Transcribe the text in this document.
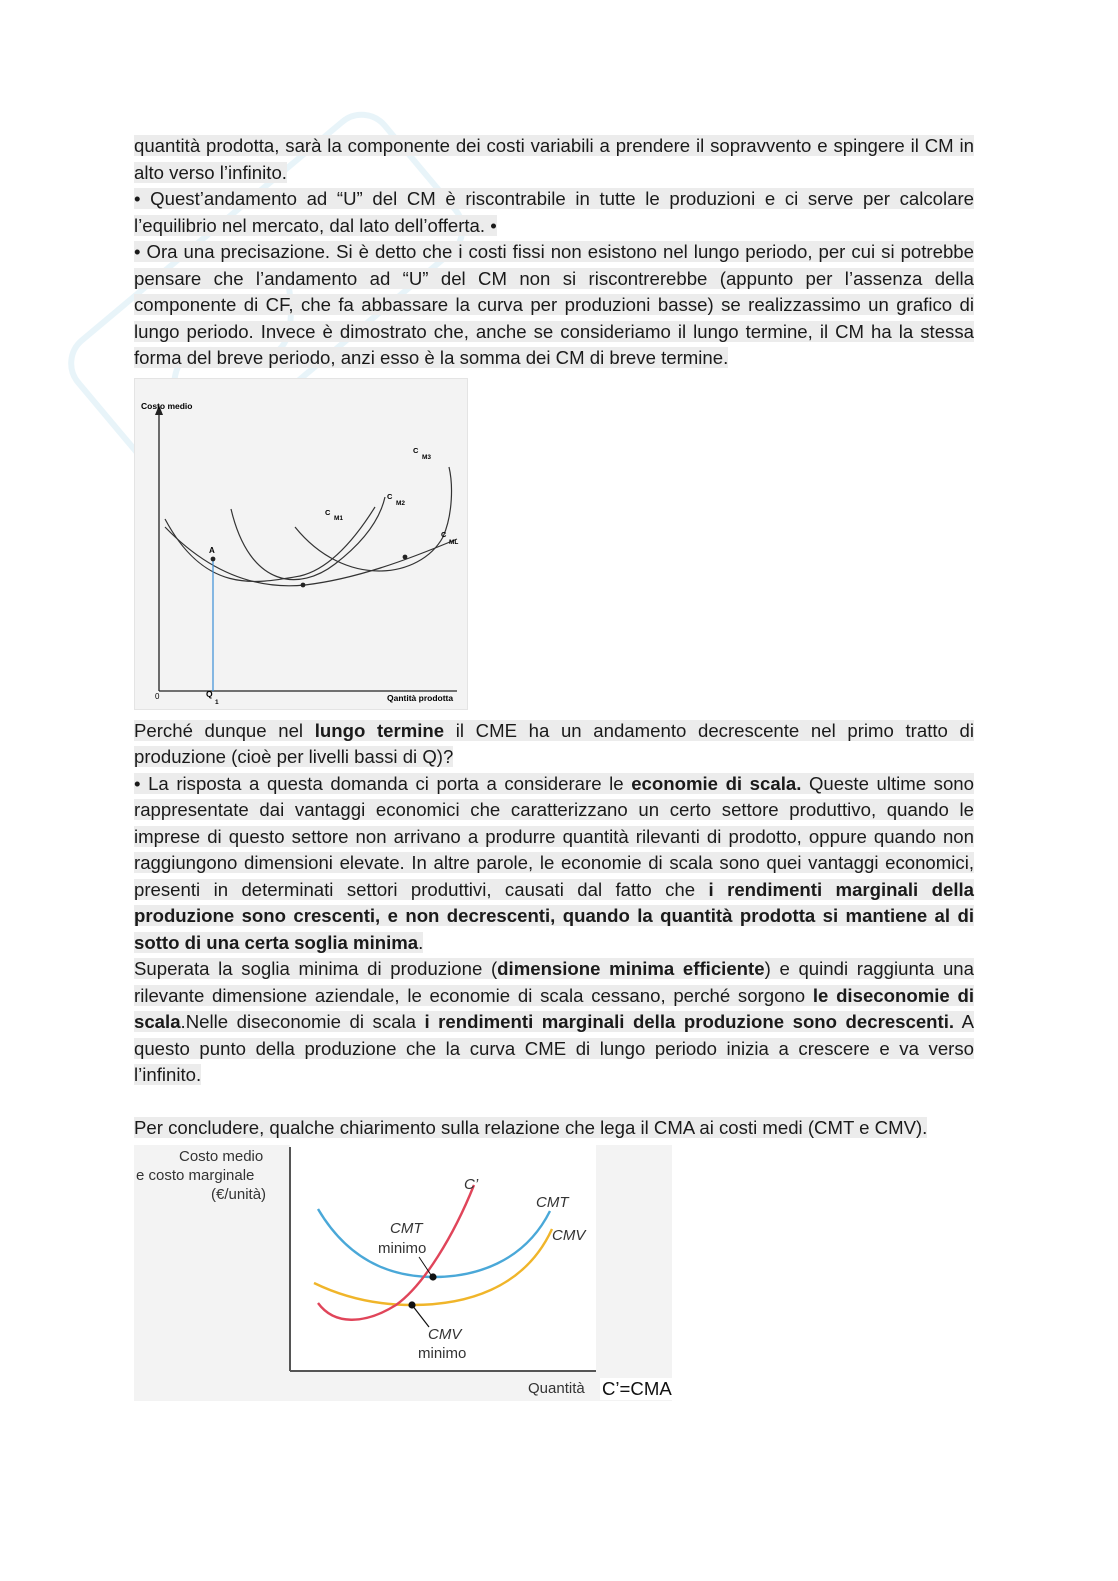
quantità prodotta, sarà la componente dei costi variabili a prendere il sopravvento e spingere il CM in alto verso l’infinito.

• Quest’andamento ad “U” del CM è riscontrabile in tutte le produzioni e ci serve per calcolare l’equilibrio nel mercato, dal lato dell’offerta. •

• Ora una precisazione. Si è detto che i costi fissi non esistono nel lungo periodo, per cui si potrebbe pensare che l’andamento ad “U” del CM non si riscontrerebbe (appunto per l’assenza della componente di CF, che fa abbassare la curva per produzioni basse) se realizzassimo un grafico di lungo periodo. Invece è dimostrato che, anche se consideriamo il lungo termine, il CM ha la stessa forma del breve periodo, anzi esso è la somma dei CM di breve termine.

Costo medio
Qantità prodotta
0
A
Q
1
C
M1
C
M2
C
M3
C
ML

Perché dunque nel lungo termine il CME ha un andamento decrescente nel primo tratto di produzione (cioè per livelli bassi di Q)?

• La risposta a questa domanda ci porta a considerare le economie di scala. Queste ultime sono rappresentate dai vantaggi economici che caratterizzano un certo settore produttivo, quando le imprese di questo settore non arrivano a produrre quantità rilevanti di prodotto, oppure quando non raggiungono dimensioni elevate. In altre parole, le economie di scala sono quei vantaggi economici, presenti in determinati settori produttivi, causati dal fatto che i rendimenti marginali della produzione sono crescenti, e non decrescenti, quando la quantità prodotta si mantiene al di sotto di una certa soglia minima.

Superata la soglia minima di produzione (dimensione minima efficiente) e quindi raggiunta una rilevante dimensione aziendale, le economie di scala cessano, perché sorgono le diseconomie di scala.Nelle diseconomie di scala i rendimenti marginali della produzione sono decrescenti. A questo punto della produzione che la curva CME di lungo periodo inizia a crescere e va verso l’infinito.

Per concludere, qualche chiarimento sulla relazione che lega il CMA ai costi medi (CMT e CMV).

Costo medio
e costo marginale
(€/unità)
Quantità
C’
CMT
CMV
CMT
minimo
CMV
minimo
C’=CMA
